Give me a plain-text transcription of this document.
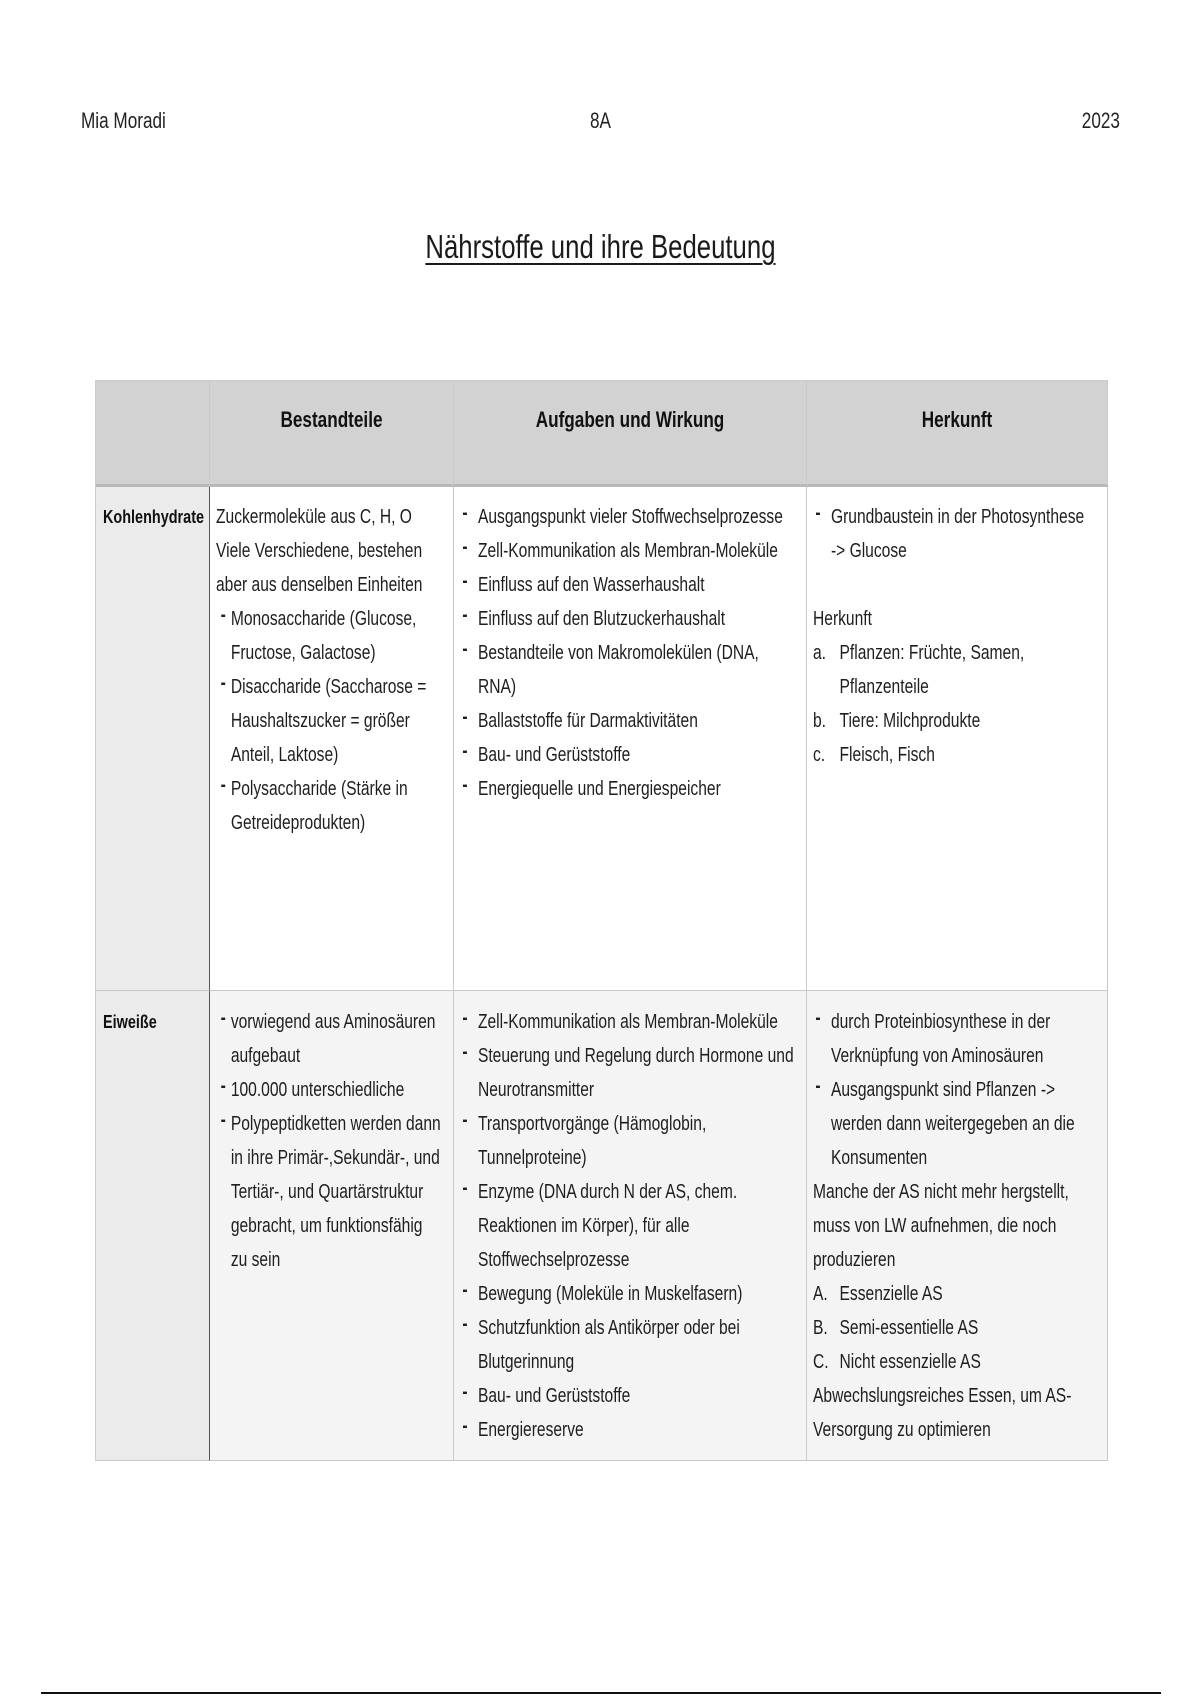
Mia Moradi	8A	2023
Nährstoffe und ihre Bedeutung
Bestandteile	Aufgaben und Wirkung	Herkunft
Kohlenhydrate Zuckermoleküle aus C, H, O
Viele Verschiedene, bestehen
aber aus denselben Einheiten
- Monosaccharide (Glucose,
Fructose, Galactose)
- Disaccharide (Saccharose =
Haushaltszucker = größer
Anteil, Laktose)
- Polysaccharide (Stärke in
Getreideprodukten)
- Ausgangspunkt vieler Stoffwechselprozesse
- Zell-Kommunikation als Membran-Moleküle
- Einfluss auf den Wasserhaushalt
- Einfluss auf den Blutzuckerhaushalt
- Bestandteile von Makromolekülen (DNA,
RNA)
- Ballaststoffe für Darmaktivitäten
- Bau- und Gerüststoffe
- Energiequelle und Energiespeicher
- Grundbaustein in der Photosynthese
-> Glucose
Herkunft
a. Pflanzen: Früchte, Samen,
Pflanzenteile
b. Tiere: Milchprodukte
c. Fleisch, Fisch
Eiweiße
-	vorwiegend aus Aminosäuren
aufgebaut
- 100.000 unterschiedliche
- Polypeptidketten werden dann
in ihre Primär-,Sekundär-, und
Tertiär-, und Quartärstruktur
gebracht, um funktionsfähig
zu sein
- Zell-Kommunikation als Membran-Moleküle
- Steuerung und Regelung durch Hormone und
Neurotransmitter
- Transportvorgänge (Hämoglobin,
Tunnelproteine)
- Enzyme (DNA durch N der AS, chem.
Reaktionen im Körper), für alle
Stoffwechselprozesse
- Bewegung (Moleküle in Muskelfasern)
- Schutzfunktion als Antikörper oder bei
Blutgerinnung
- Bau- und Gerüststoffe
- Energiereserve
- durch Proteinbiosynthese in der
Verknüpfung von Aminosäuren
- Ausgangspunkt sind Pflanzen ->
werden dann weitergegeben an die
Konsumenten
Manche der AS nicht mehr hergstellt,
muss von LW aufnehmen, die noch
produzieren
A. Essenzielle AS
B. Semi-essentielle AS
C. Nicht essenzielle AS
Abwechslungsreiches Essen, um AS-
Versorgung zu optimieren
